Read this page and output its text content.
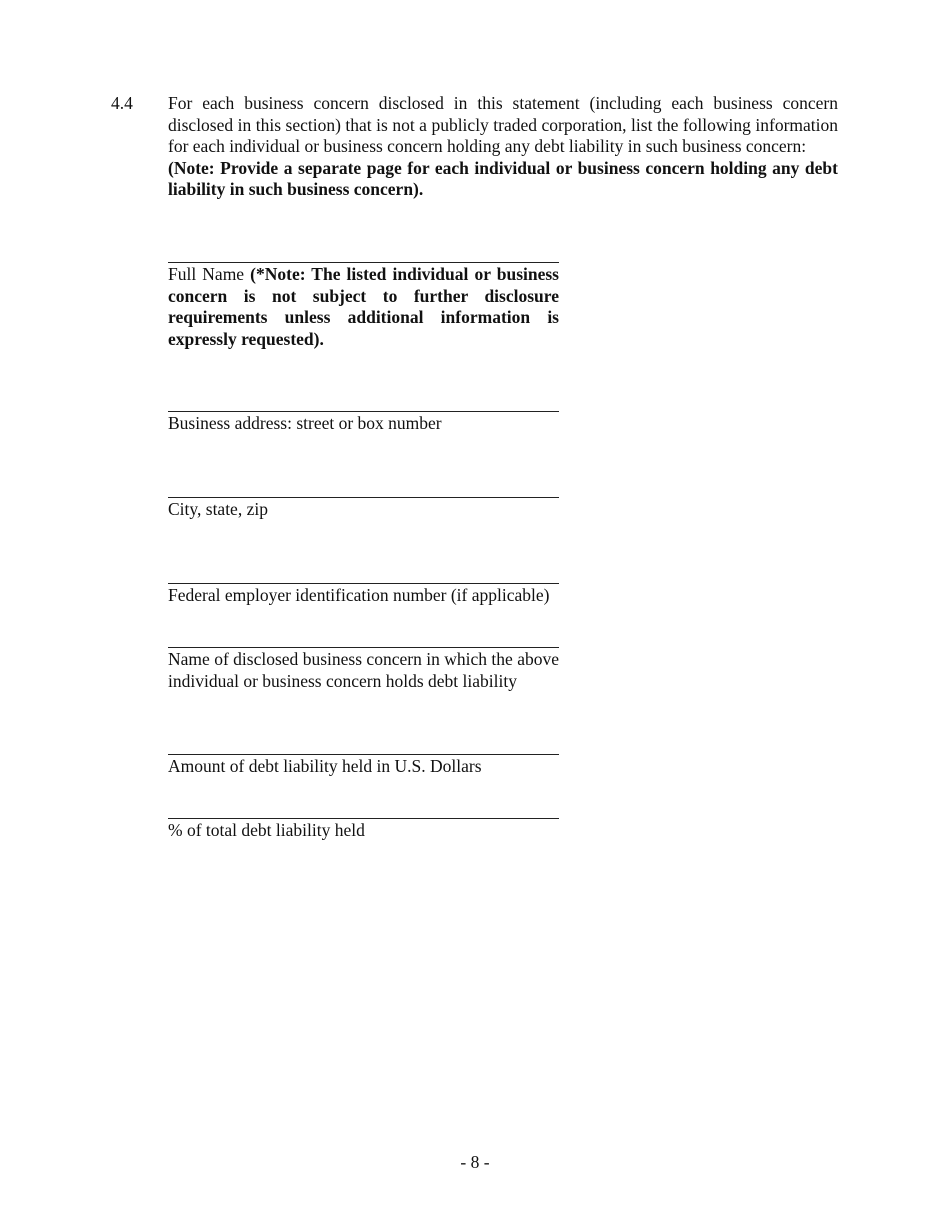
4.4 For each business concern disclosed in this statement (including each business concern disclosed in this section) that is not a publicly traded corporation, list the following information for each individual or business concern holding any debt liability in such business concern:

(Note: Provide a separate page for each individual or business concern holding any debt liability in such business concern).

Full Name (*Note: The listed individual or business concern is not subject to further disclosure requirements unless additional information is expressly requested).
Business address: street or box number
City, state, zip
Federal employer identification number (if applicable)
Name of disclosed business concern in which the above individual or business concern holds debt liability
Amount of debt liability held in U.S. Dollars
% of total debt liability held
- 8 -
